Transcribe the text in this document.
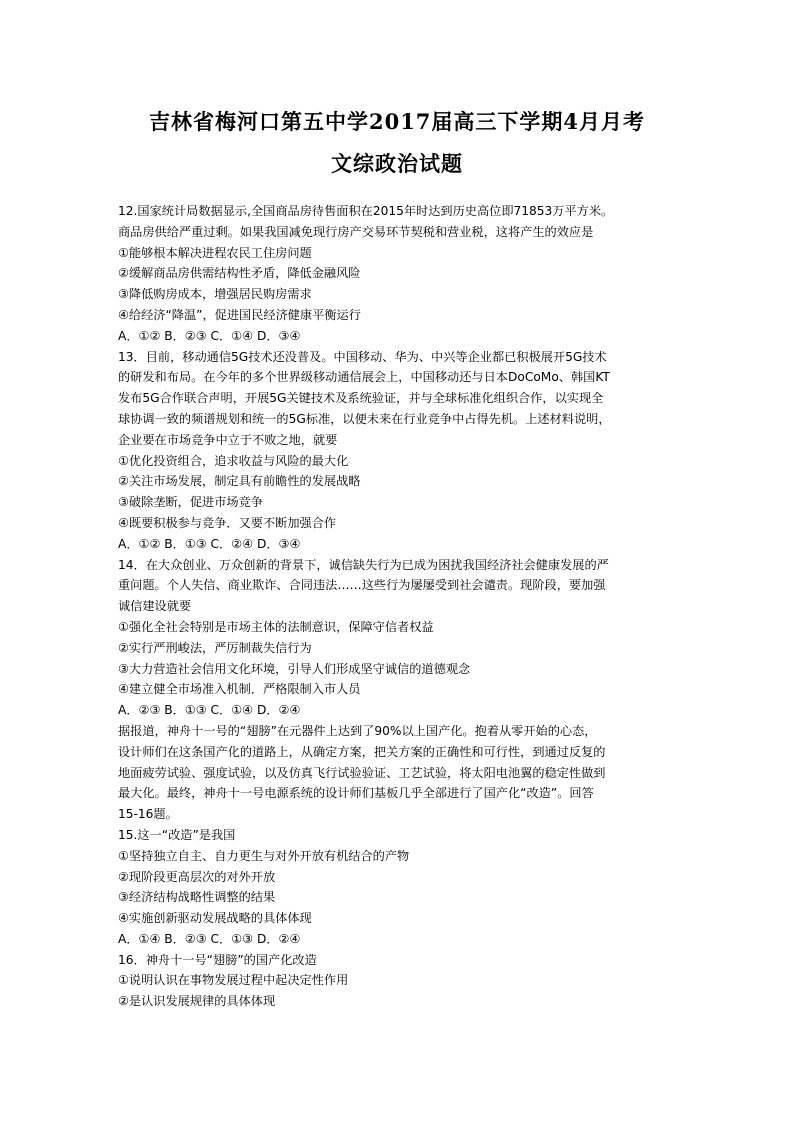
吉林省梅河口第五中学2017届高三下学期4月月考
文综政治试题
12.国家统计局数据显示,全国商品房待售面积在2015年时达到历史高位即71853万平方米。
商品房供给严重过剩。如果我国减免现行房产交易环节契税和营业税，这将产生的效应是
①能够根本解决进程农民工住房问题
②缓解商品房供需结构性矛盾，降低金融风险
③降低购房成本，增强居民购房需求
④给经济“降温”，促进国民经济健康平衡运行
A．①② B．②③ C．①④ D．③④
13．目前，移动通信5G技术还没普及。中国移动、华为、中兴等企业都已积极展开5G技术
的研发和布局。在今年的多个世界级移动通信展会上，中国移动还与日本DoCoMo、韩国KT
发布5G合作联合声明，开展5G关键技术及系统验证，并与全球标准化组织合作，以实现全
球协调一致的频谱规划和统一的5G标准，以便未来在行业竞争中占得先机。上述材料说明，
企业要在市场竞争中立于不败之地，就要
①优化投资组合，追求收益与风险的最大化
②关注市场发展，制定具有前瞻性的发展战略
③破除垄断，促进市场竞争
④既要积极参与竞争．又要不断加强合作
A．①② B．①③ C．②④ D．③④
14．在大众创业、万众创新的背景下，诚信缺失行为已成为困扰我国经济社会健康发展的严
重问题。个人失信、商业欺诈、合同违法……这些行为屡屡受到社会谴责。现阶段，要加强
诚信建设就要
①强化全社会特别是市场主体的法制意识，保障守信者权益
②实行严刑峻法，严厉制裁失信行为
③大力营造社会信用文化环境，引导人们形成坚守诚信的道德观念
④建立健全市场准入机制．严格限制入市人员
A．②③ B．①③ C．①④ D．②④
据报道，神舟十一号的“翅膀”在元器件上达到了90%以上国产化。抱着从零开始的心态，
设计师们在这条国产化的道路上，从确定方案，把关方案的正确性和可行性，到通过反复的
地面疲劳试验、强度试验，以及仿真飞行试验验证、工艺试验，将太阳电池翼的稳定性做到
最大化。最终，神舟十一号电源系统的设计师们基板几乎全部进行了国产化“改造”。回答
15-16题。
15.这一“改造”是我国
①坚持独立自主、自力更生与对外开放有机结合的产物
②现阶段更高层次的对外开放
③经济结构战略性调整的结果
④实施创新驱动发展战略的具体体现
A．①④ B．②③ C．①③ D．②④
16．神舟十一号“翅膀”的国产化改造
①说明认识在事物发展过程中起决定性作用
②是认识发展规律的具体体现
